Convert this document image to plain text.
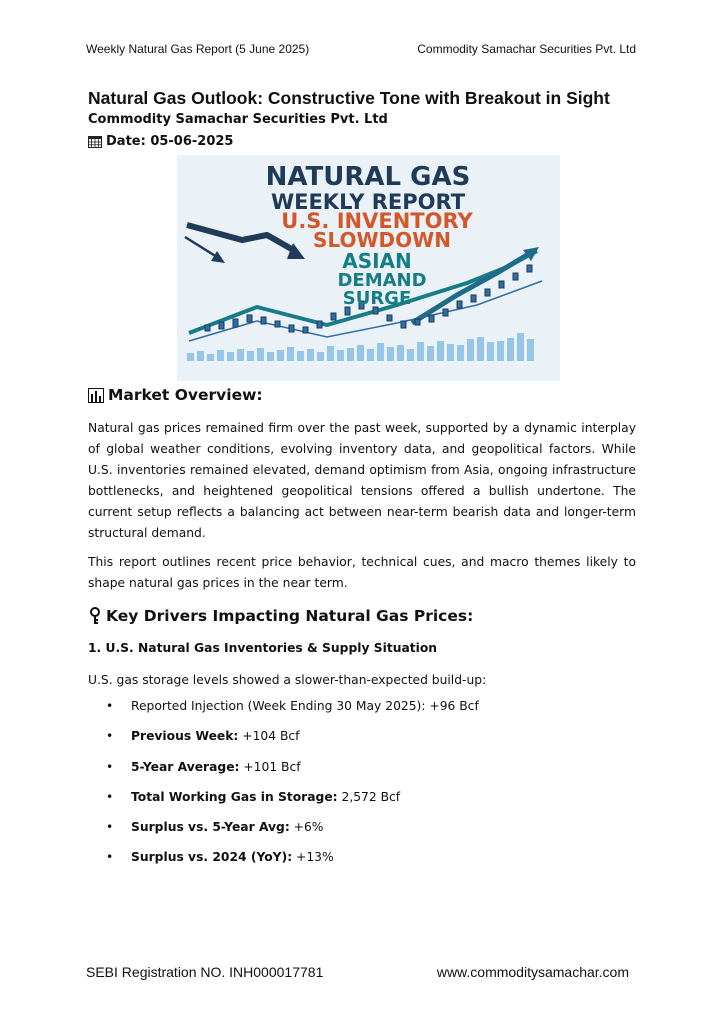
Weekly Natural Gas Report (5 June 2025)	Commodity Samachar Securities Pvt. Ltd
Natural Gas Outlook: Constructive Tone with Breakout in Sight
Commodity Samachar Securities Pvt. Ltd
Date: 05-06-2025
NATURAL GAS
WEEKLY REPORT
U.S. INVENTORY
SLOWDOWN
ASIAN
DEMAND
SURGE
Market Overview:
Natural gas prices remained firm over the past week, supported by a dynamic interplay of global weather conditions, evolving inventory data, and geopolitical factors. While U.S. inventories remained elevated, demand optimism from Asia, ongoing infrastructure bottlenecks, and heightened geopolitical tensions offered a bullish undertone. The current setup reflects a balancing act between near-term bearish data and longer-term structural demand.
This report outlines recent price behavior, technical cues, and macro themes likely to shape natural gas prices in the near term.
Key Drivers Impacting Natural Gas Prices:
1. U.S. Natural Gas Inventories & Supply Situation
U.S. gas storage levels showed a slower-than-expected build-up:
• Reported Injection (Week Ending 30 May 2025): +96 Bcf
• Previous Week: +104 Bcf
• 5-Year Average: +101 Bcf
• Total Working Gas in Storage: 2,572 Bcf
• Surplus vs. 5-Year Avg: +6%
• Surplus vs. 2024 (YoY): +13%
SEBI Registration NO. INH000017781	www.commoditysamachar.com
